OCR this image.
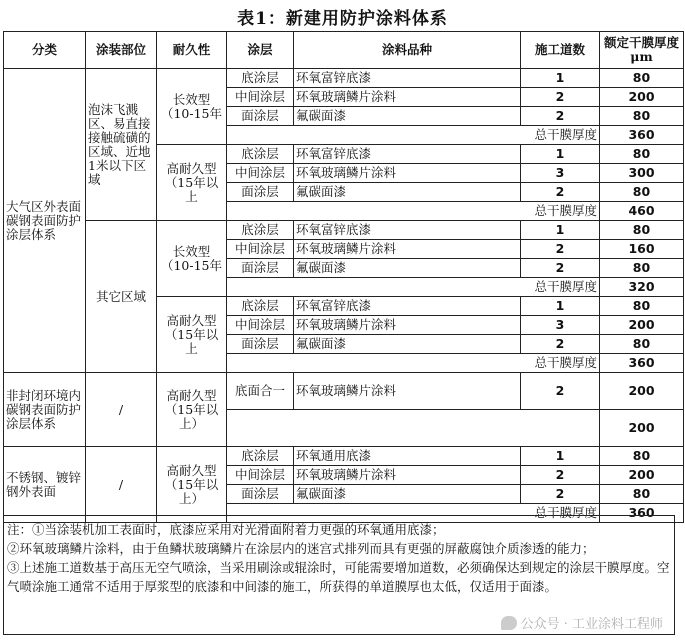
表1：新建用防护涂料体系
分类	涂装部位	耐久性	涂层	涂料品种	施工道数	额定干膜厚度μm
大气区外表面碳钢表面防护涂层体系	泡沫飞溅区、易直接接触硫磺的区域、近地1米以下区域	长效型（10-15年	底涂层	环氧富锌底漆	1	80
			中间涂层	环氧玻璃鳞片涂料	2	200
			面涂层	氟碳面漆	2	80
			总干膜厚度			360
		高耐久型（15年以上	底涂层	环氧富锌底漆	1	80
			中间涂层	环氧玻璃鳞片涂料	3	300
			面涂层	氟碳面漆	2	80
			总干膜厚度			460
	其它区域	长效型（10-15年	底涂层	环氧富锌底漆	1	80
			中间涂层	环氧玻璃鳞片涂料	2	160
			面涂层	氟碳面漆	2	80
			总干膜厚度			320
		高耐久型（15年以上	底涂层	环氧富锌底漆	1	80
			中间涂层	环氧玻璃鳞片涂料	3	200
			面涂层	氟碳面漆	2	80
			总干膜厚度			360
非封闭环境内碳钢表面防护涂层体系	/	高耐久型（15年以上）	底面合一	环氧玻璃鳞片涂料	2	200
						200
不锈钢、镀锌钢外表面	/	高耐久型（15年以上）	底涂层	环氧通用底漆	1	80
			中间涂层	环氧玻璃鳞片涂料	2	200
			面涂层	氟碳面漆	2	80
			总干膜厚度			360

注：①当涂装机加工表面时，底漆应采用对光滑面附着力更强的环氧通用底漆；

②环氧玻璃鳞片涂料，由于鱼鳞状玻璃鳞片在涂层内的迷宫式排列而具有更强的屏蔽腐蚀介质渗透的能力；

③上述施工道数基于高压无空气喷涂，当采用刷涂或辊涂时，可能需要增加道数，必须确保达到规定的涂层干膜厚度。空气喷涂施工通常不适用于厚浆型的底漆和中间漆的施工，所获得的单道膜厚也太低，仅适用于面漆。

公众号 · 工业涂料工程师
